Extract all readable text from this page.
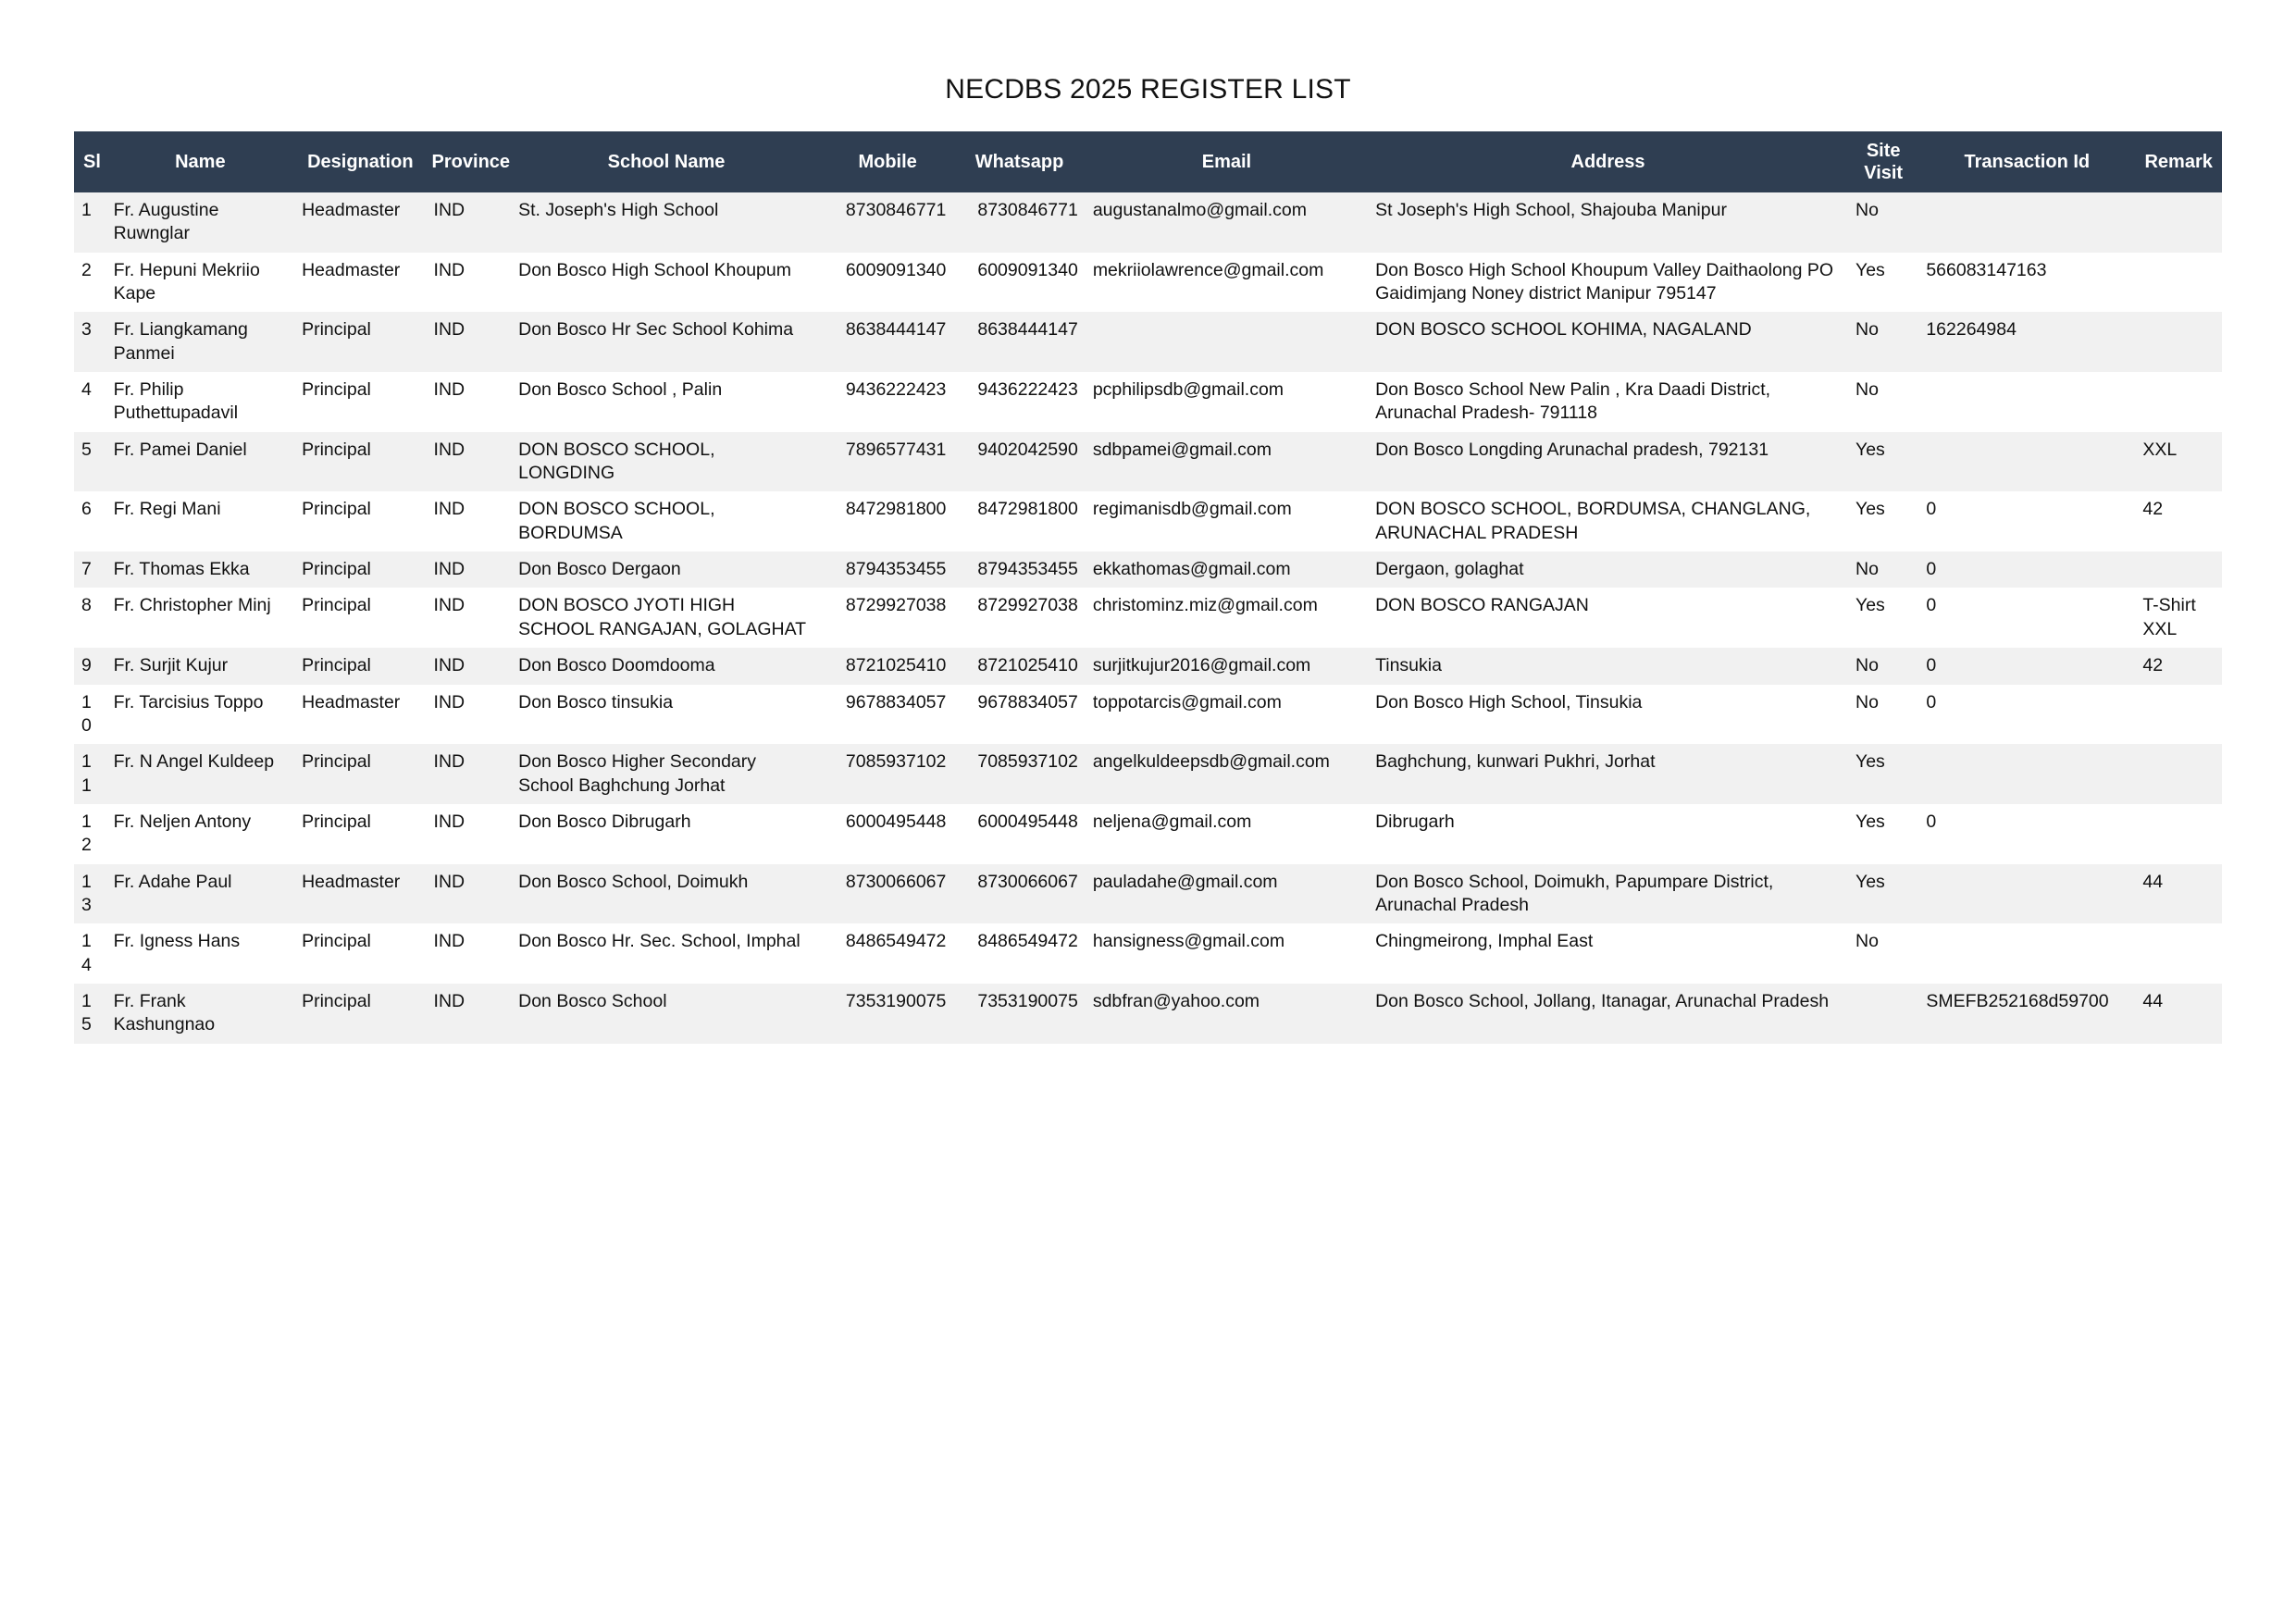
NECDBS 2025 REGISTER LIST
Sl	Name	Designation	Province	School Name	Mobile	Whatsapp	Email	Address	Site Visit	Transaction Id	Remark
1	Fr. Augustine Ruwnglar	Headmaster	IND	St. Joseph's High School	8730846771	8730846771	augustanalmo@gmail.com	St Joseph's High School, Shajouba Manipur	No		
2	Fr. Hepuni Mekriio Kape	Headmaster	IND	Don Bosco High School Khoupum	6009091340	6009091340	mekriiolawrence@gmail.com	Don Bosco High School Khoupum Valley Daithaolong PO Gaidimjang Noney district Manipur 795147	Yes	566083147163	
3	Fr. Liangkamang Panmei	Principal	IND	Don Bosco Hr Sec School Kohima	8638444147	8638444147		DON BOSCO SCHOOL KOHIMA, NAGALAND	No	162264984	
4	Fr. Philip Puthettupadavil	Principal	IND	Don Bosco School , Palin	9436222423	9436222423	pcphilipsdb@gmail.com	Don Bosco School New Palin , Kra Daadi District, Arunachal Pradesh- 791118	No		
5	Fr. Pamei Daniel	Principal	IND	DON BOSCO SCHOOL, LONGDING	7896577431	9402042590	sdbpamei@gmail.com	Don Bosco Longding Arunachal pradesh, 792131	Yes		XXL
6	Fr. Regi Mani	Principal	IND	DON BOSCO SCHOOL, BORDUMSA	8472981800	8472981800	regimanisdb@gmail.com	DON BOSCO SCHOOL, BORDUMSA, CHANGLANG, ARUNACHAL PRADESH	Yes	0	42
7	Fr. Thomas Ekka	Principal	IND	Don Bosco Dergaon	8794353455	8794353455	ekkathomas@gmail.com	Dergaon, golaghat	No	0	
8	Fr. Christopher Minj	Principal	IND	DON BOSCO JYOTI HIGH SCHOOL RANGAJAN, GOLAGHAT	8729927038	8729927038	christominz.miz@gmail.com	DON BOSCO RANGAJAN	Yes	0	T-Shirt XXL
9	Fr. Surjit Kujur	Principal	IND	Don Bosco Doomdooma	8721025410	8721025410	surjitkujur2016@gmail.com	Tinsukia	No	0	42
10	Fr. Tarcisius Toppo	Headmaster	IND	Don Bosco tinsukia	9678834057	9678834057	toppotarcis@gmail.com	Don Bosco High School, Tinsukia	No	0	
11	Fr. N Angel Kuldeep	Principal	IND	Don Bosco Higher Secondary School Baghchung Jorhat	7085937102	7085937102	angelkuldeepsdb@gmail.com	Baghchung, kunwari Pukhri, Jorhat	Yes		
12	Fr. Neljen Antony	Principal	IND	Don Bosco Dibrugarh	6000495448	6000495448	neljena@gmail.com	Dibrugarh	Yes	0	
13	Fr. Adahe Paul	Headmaster	IND	Don Bosco School, Doimukh	8730066067	8730066067	pauladahe@gmail.com	Don Bosco School, Doimukh, Papumpare District, Arunachal Pradesh	Yes		44
14	Fr. Igness Hans	Principal	IND	Don Bosco Hr. Sec. School, Imphal	8486549472	8486549472	hansigness@gmail.com	Chingmeirong, Imphal East	No		
15	Fr. Frank Kashungnao	Principal	IND	Don Bosco School	7353190075	7353190075	sdbfran@yahoo.com	Don Bosco School, Jollang, Itanagar, Arunachal Pradesh		SMEFB252168d59700	44
